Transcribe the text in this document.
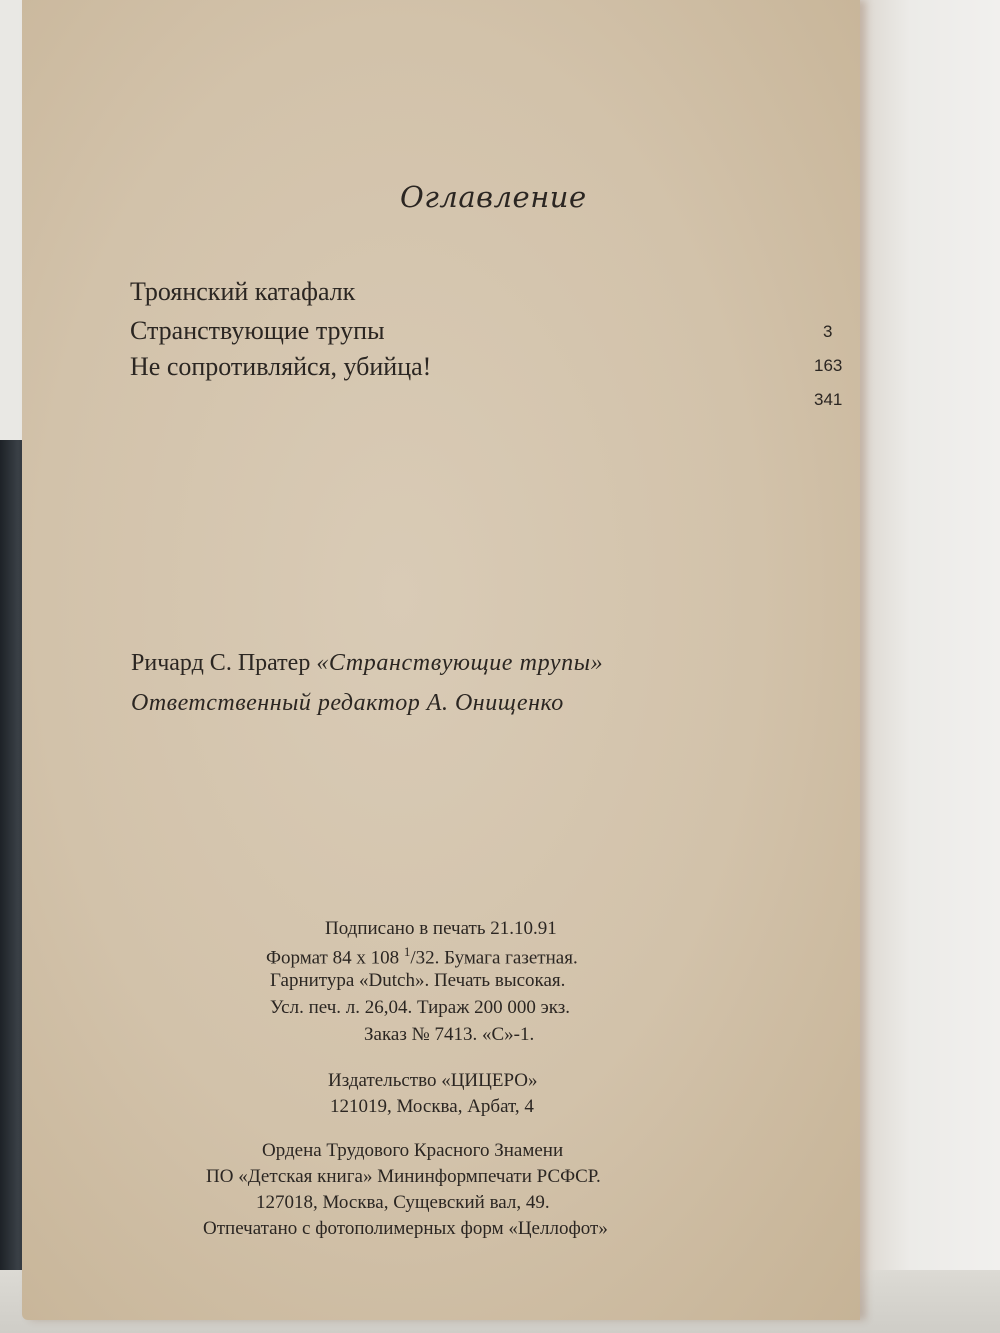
Оглавление
Троянский катафалк
Странствующие трупы
Не сопротивляйся, убийца!
3
163
341
Ричард С. Пратер «Странствующие трупы»
Ответственный редактор А. Онищенко
Подписано в печать 21.10.91
Формат 84 х 108 $^1$/32. Бумага газетная.
Гарнитура «Dutch». Печать высокая.
Усл. печ. л. 26,04. Тираж 200 000 экз.
Заказ № 7413. «С»-1.
Издательство «ЦИЦЕРО»
121019, Москва, Арбат, 4
Ордена Трудового Красного Знамени
ПО «Детская книга» Мининформпечати РСФСР.
127018, Москва, Сущевский вал, 49.
Отпечатано с фотополимерных форм «Целлофот»
